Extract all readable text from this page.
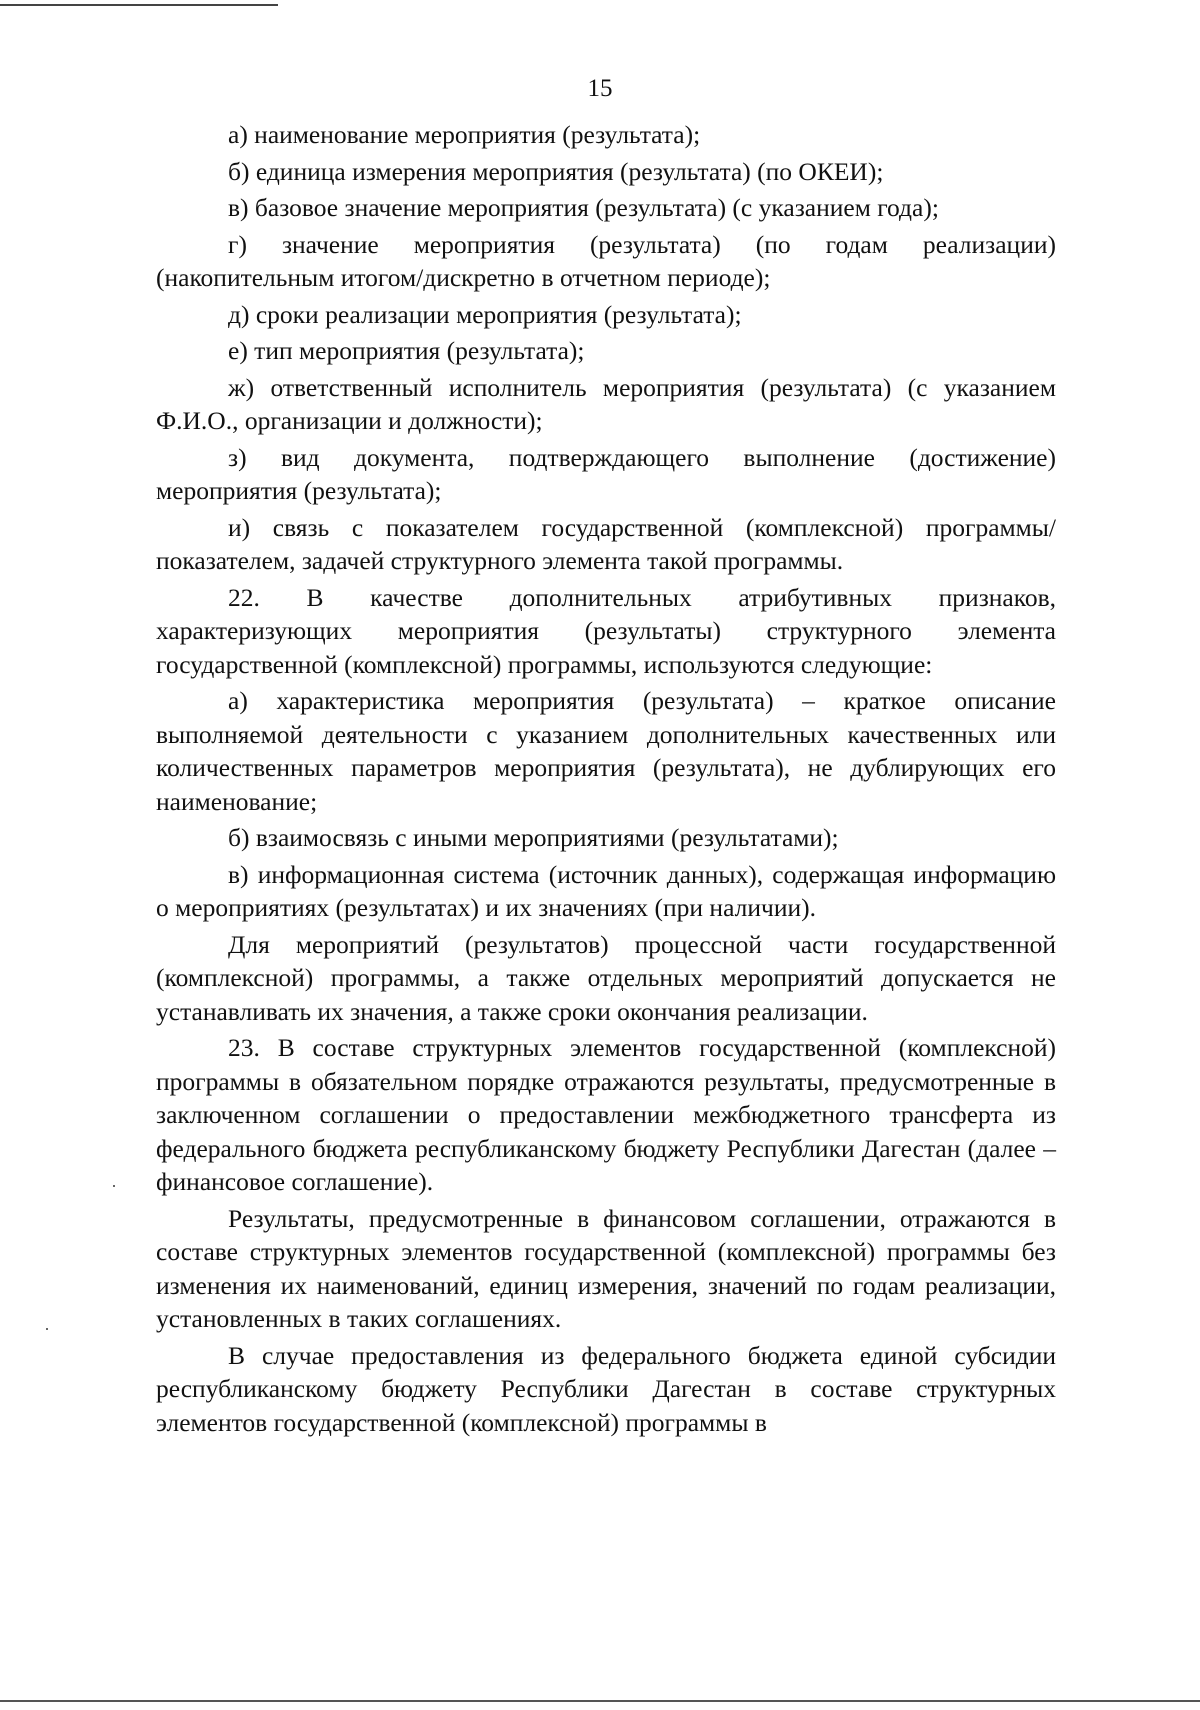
15

а) наименование мероприятия (результата);

б) единица измерения мероприятия (результата) (по ОКЕИ);

в) базовое значение мероприятия (результата) (с указанием года);

г) значение мероприятия (результата) (по годам реализации) (накопительным итогом/дискретно в отчетном периоде);

д) сроки реализации мероприятия (результата);

е) тип мероприятия (результата);

ж) ответственный исполнитель мероприятия (результата) (с указанием Ф.И.О., организации и должности);

з) вид документа, подтверждающего выполнение (достижение) мероприятия (результата);

и) связь с показателем государственной (комплексной) программы/показателем, задачей структурного элемента такой программы.

22. В качестве дополнительных атрибутивных признаков, характеризующих мероприятия (результаты) структурного элемента государственной (комплексной) программы, используются следующие:

а) характеристика мероприятия (результата) – краткое описание выполняемой деятельности с указанием дополнительных качественных или количественных параметров мероприятия (результата), не дублирующих его наименование;

б) взаимосвязь с иными мероприятиями (результатами);

в) информационная система (источник данных), содержащая информацию о мероприятиях (результатах) и их значениях (при наличии).

Для мероприятий (результатов) процессной части государственной (комплексной) программы, а также отдельных мероприятий допускается не устанавливать их значения, а также сроки окончания реализации.

23. В составе структурных элементов государственной (комплексной) программы в обязательном порядке отражаются результаты, предусмотренные в заключенном соглашении о предоставлении межбюджетного трансферта из федерального бюджета республиканскому бюджету Республики Дагестан (далее – финансовое соглашение).

Результаты, предусмотренные в финансовом соглашении, отражаются в составе структурных элементов государственной (комплексной) программы без изменения их наименований, единиц измерения, значений по годам реализации, установленных в таких соглашениях.

В случае предоставления из федерального бюджета единой субсидии республиканскому бюджету Республики Дагестан в составе структурных элементов государственной (комплексной) программы в
